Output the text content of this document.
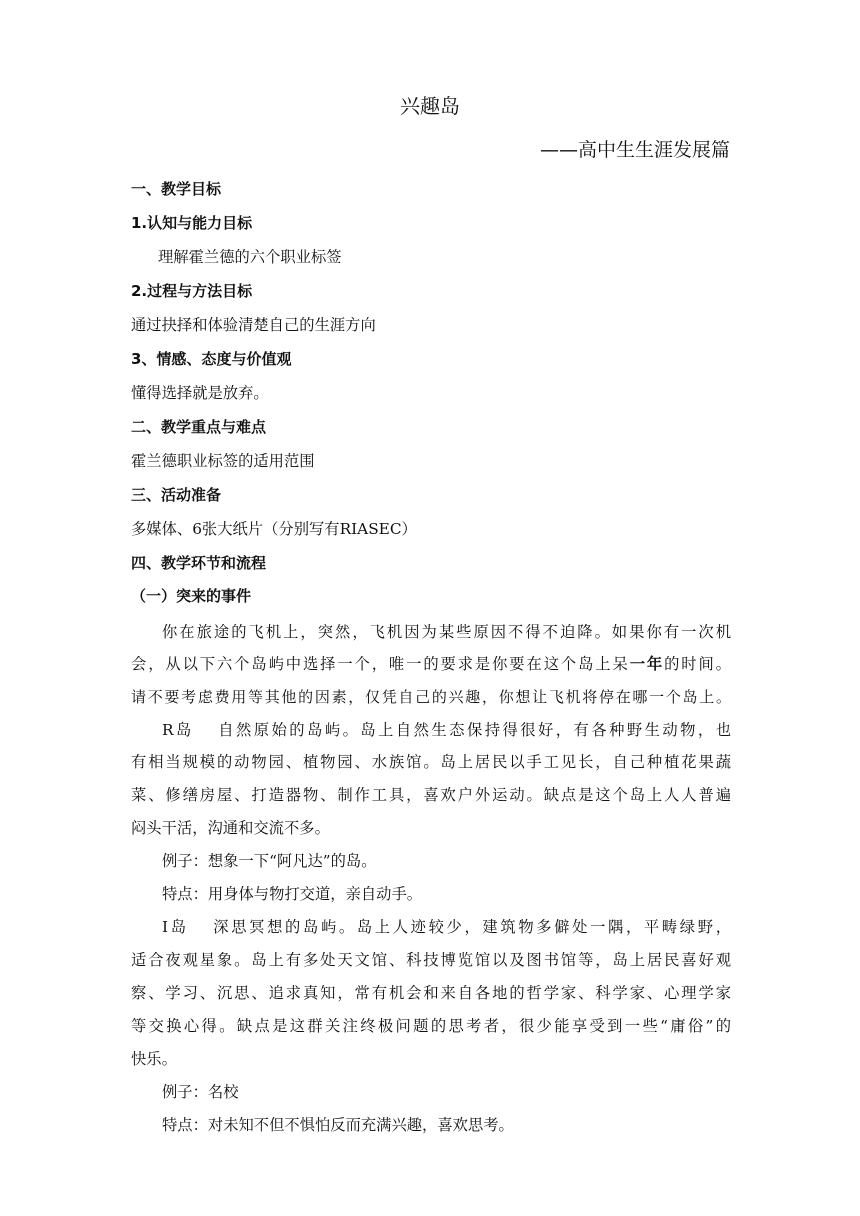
兴趣岛
——高中生生涯发展篇
一、教学目标
1.认知与能力目标
理解霍兰德的六个职业标签
2.过程与方法目标
通过抉择和体验清楚自己的生涯方向
3、情感、态度与价值观
懂得选择就是放弃。
二、教学重点与难点
霍兰德职业标签的适用范围
三、活动准备
多媒体、6张大纸片（分别写有RIASEC）
四、教学环节和流程
（一）突来的事件
你在旅途的飞机上，突然，飞机因为某些原因不得不迫降。如果你有一次机
会，从以下六个岛屿中选择一个，唯一的要求是你要在这个岛上呆一年的时间。
请不要考虑费用等其他的因素，仅凭自己的兴趣，你想让飞机将停在哪一个岛上。
R岛 自然原始的岛屿。岛上自然生态保持得很好，有各种野生动物，也
有相当规模的动物园、植物园、水族馆。岛上居民以手工见长，自己种植花果蔬
菜、修缮房屋、打造器物、制作工具，喜欢户外运动。缺点是这个岛上人人普遍
闷头干活，沟通和交流不多。
例子：想象一下“阿凡达”的岛。
特点：用身体与物打交道，亲自动手。
I岛 深思冥想的岛屿。岛上人迹较少，建筑物多僻处一隅，平畴绿野，
适合夜观星象。岛上有多处天文馆、科技博览馆以及图书馆等，岛上居民喜好观
察、学习、沉思、追求真知，常有机会和来自各地的哲学家、科学家、心理学家
等交换心得。缺点是这群关注终极问题的思考者，很少能享受到一些“庸俗”的
快乐。
例子：名校
特点：对未知不但不惧怕反而充满兴趣，喜欢思考。
